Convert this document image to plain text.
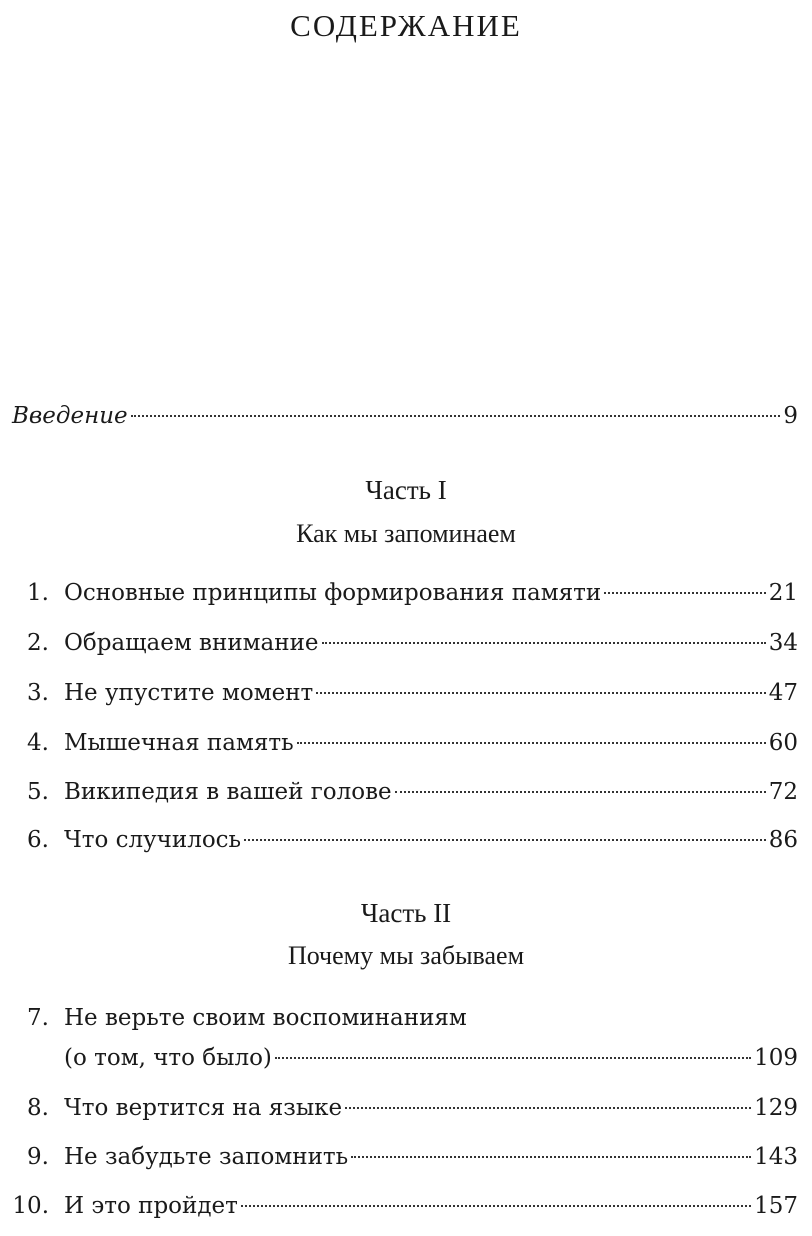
СОДЕРЖАНИЕ
Введение	9
Часть I
Как мы запоминаем
1. Основные принципы формирования памяти	21
2. Обращаем внимание	34
3. Не упустите момент	47
4. Мышечная память	60
5. Википедия в вашей голове	72
6. Что случилось	86
Часть II
Почему мы забываем
7. Не верьте своим воспоминаниям
(о том, что было)	109
8. Что вертится на языке	129
9. Не забудьте запомнить	143
10. И это пройдет	157
